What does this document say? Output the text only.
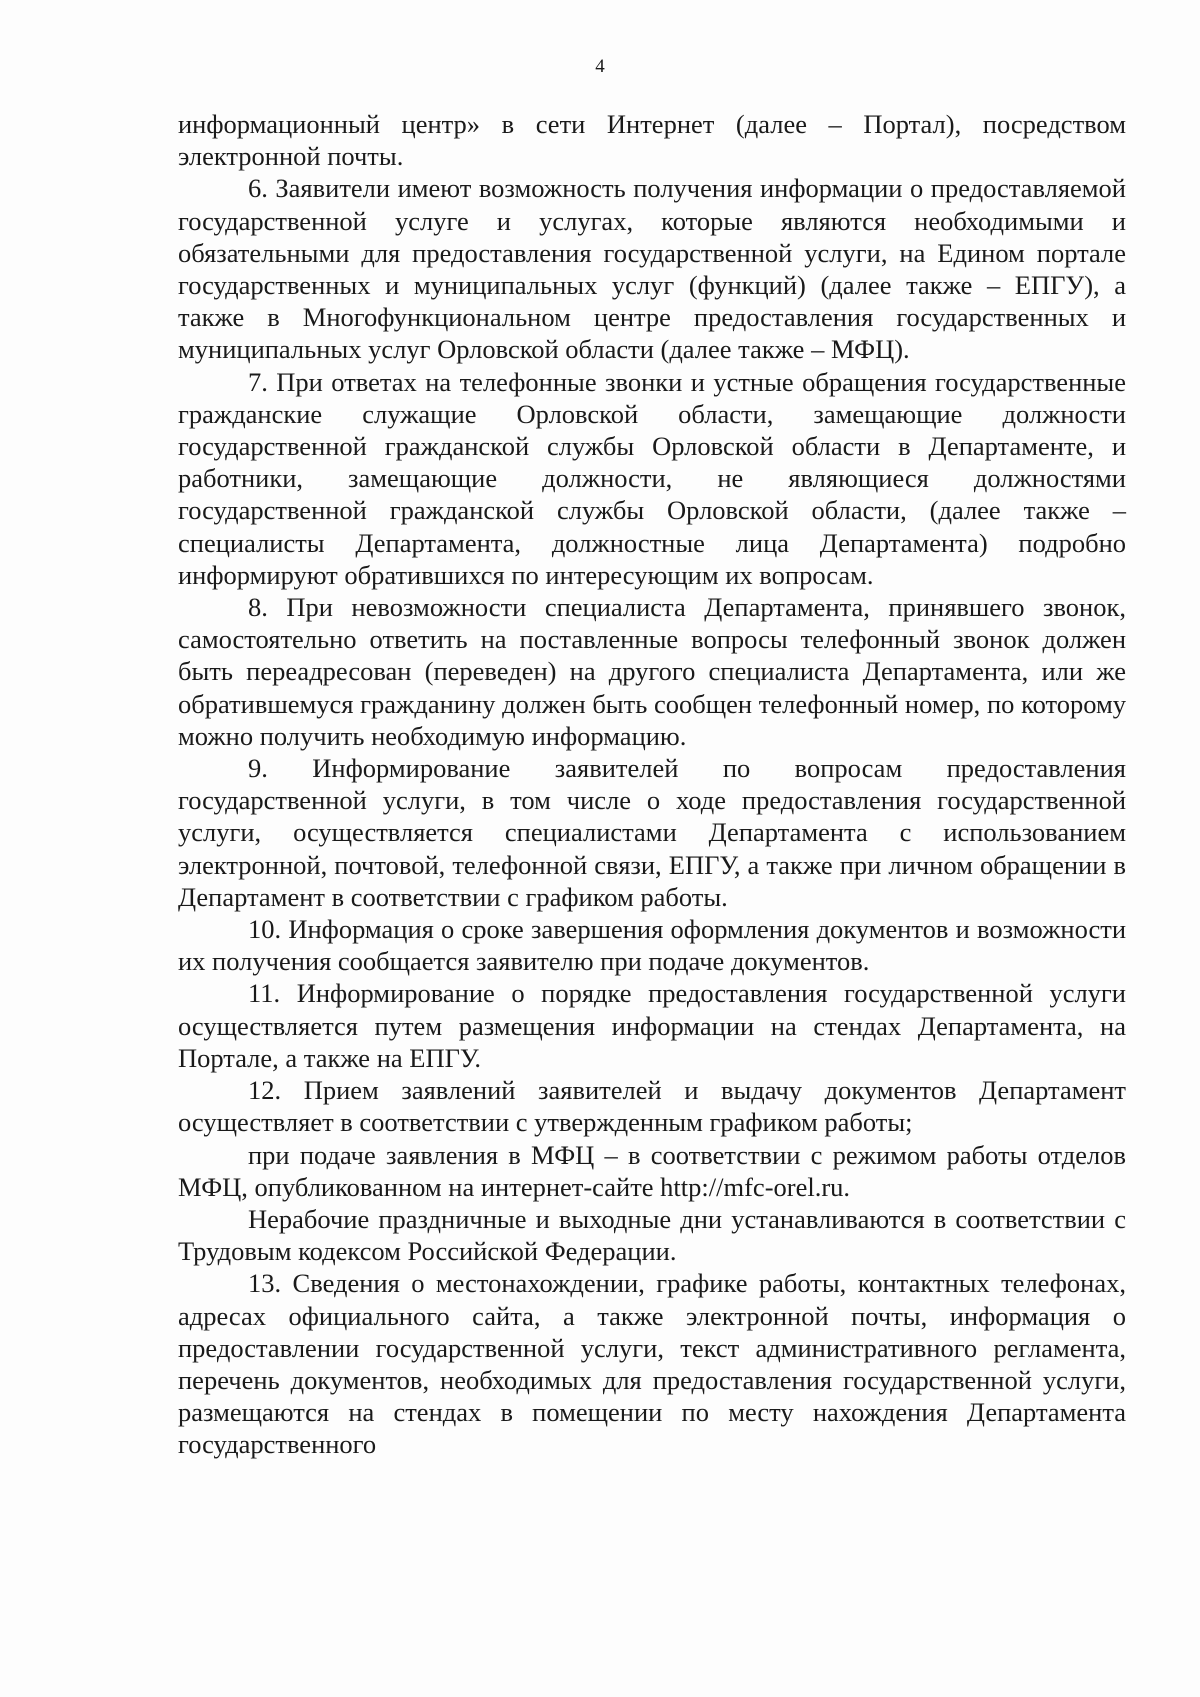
4

информационный центр» в сети Интернет (далее – Портал), посредством электронной почты.

6. Заявители имеют возможность получения информации о предоставляемой государственной услуге и услугах, которые являются необходимыми и обязательными для предоставления государственной услуги, на Едином портале государственных и муниципальных услуг (функций) (далее также – ЕПГУ), а также в Многофункциональном центре предоставления государственных и муниципальных услуг Орловской области (далее также – МФЦ).

7. При ответах на телефонные звонки и устные обращения государственные гражданские служащие Орловской области, замещающие должности государственной гражданской службы Орловской области в Департаменте, и работники, замещающие должности, не являющиеся должностями государственной гражданской службы Орловской области, (далее также – специалисты Департамента, должностные лица Департамента) подробно информируют обратившихся по интересующим их вопросам.

8. При невозможности специалиста Департамента, принявшего звонок, самостоятельно ответить на поставленные вопросы телефонный звонок должен быть переадресован (переведен) на другого специалиста Департамента, или же обратившемуся гражданину должен быть сообщен телефонный номер, по которому можно получить необходимую информацию.

9. Информирование заявителей по вопросам предоставления государственной услуги, в том числе о ходе предоставления государственной услуги, осуществляется специалистами Департамента с использованием электронной, почтовой, телефонной связи, ЕПГУ, а также при личном обращении в Департамент в соответствии с графиком работы.

10. Информация о сроке завершения оформления документов и возможности их получения сообщается заявителю при подаче документов.

11. Информирование о порядке предоставления государственной услуги осуществляется путем размещения информации на стендах Департамента, на Портале, а также на ЕПГУ.

12. Прием заявлений заявителей и выдачу документов Департамент осуществляет в соответствии с утвержденным графиком работы;

при подаче заявления в МФЦ – в соответствии с режимом работы отделов МФЦ, опубликованном на интернет-сайте http://mfc-orel.ru.

Нерабочие праздничные и выходные дни устанавливаются в соответствии с Трудовым кодексом Российской Федерации.

13. Сведения о местонахождении, графике работы, контактных телефонах, адресах официального сайта, а также электронной почты, информация о предоставлении государственной услуги, текст административного регламента, перечень документов, необходимых для предоставления государственной услуги, размещаются на стендах в помещении по месту нахождения Департамента государственного
